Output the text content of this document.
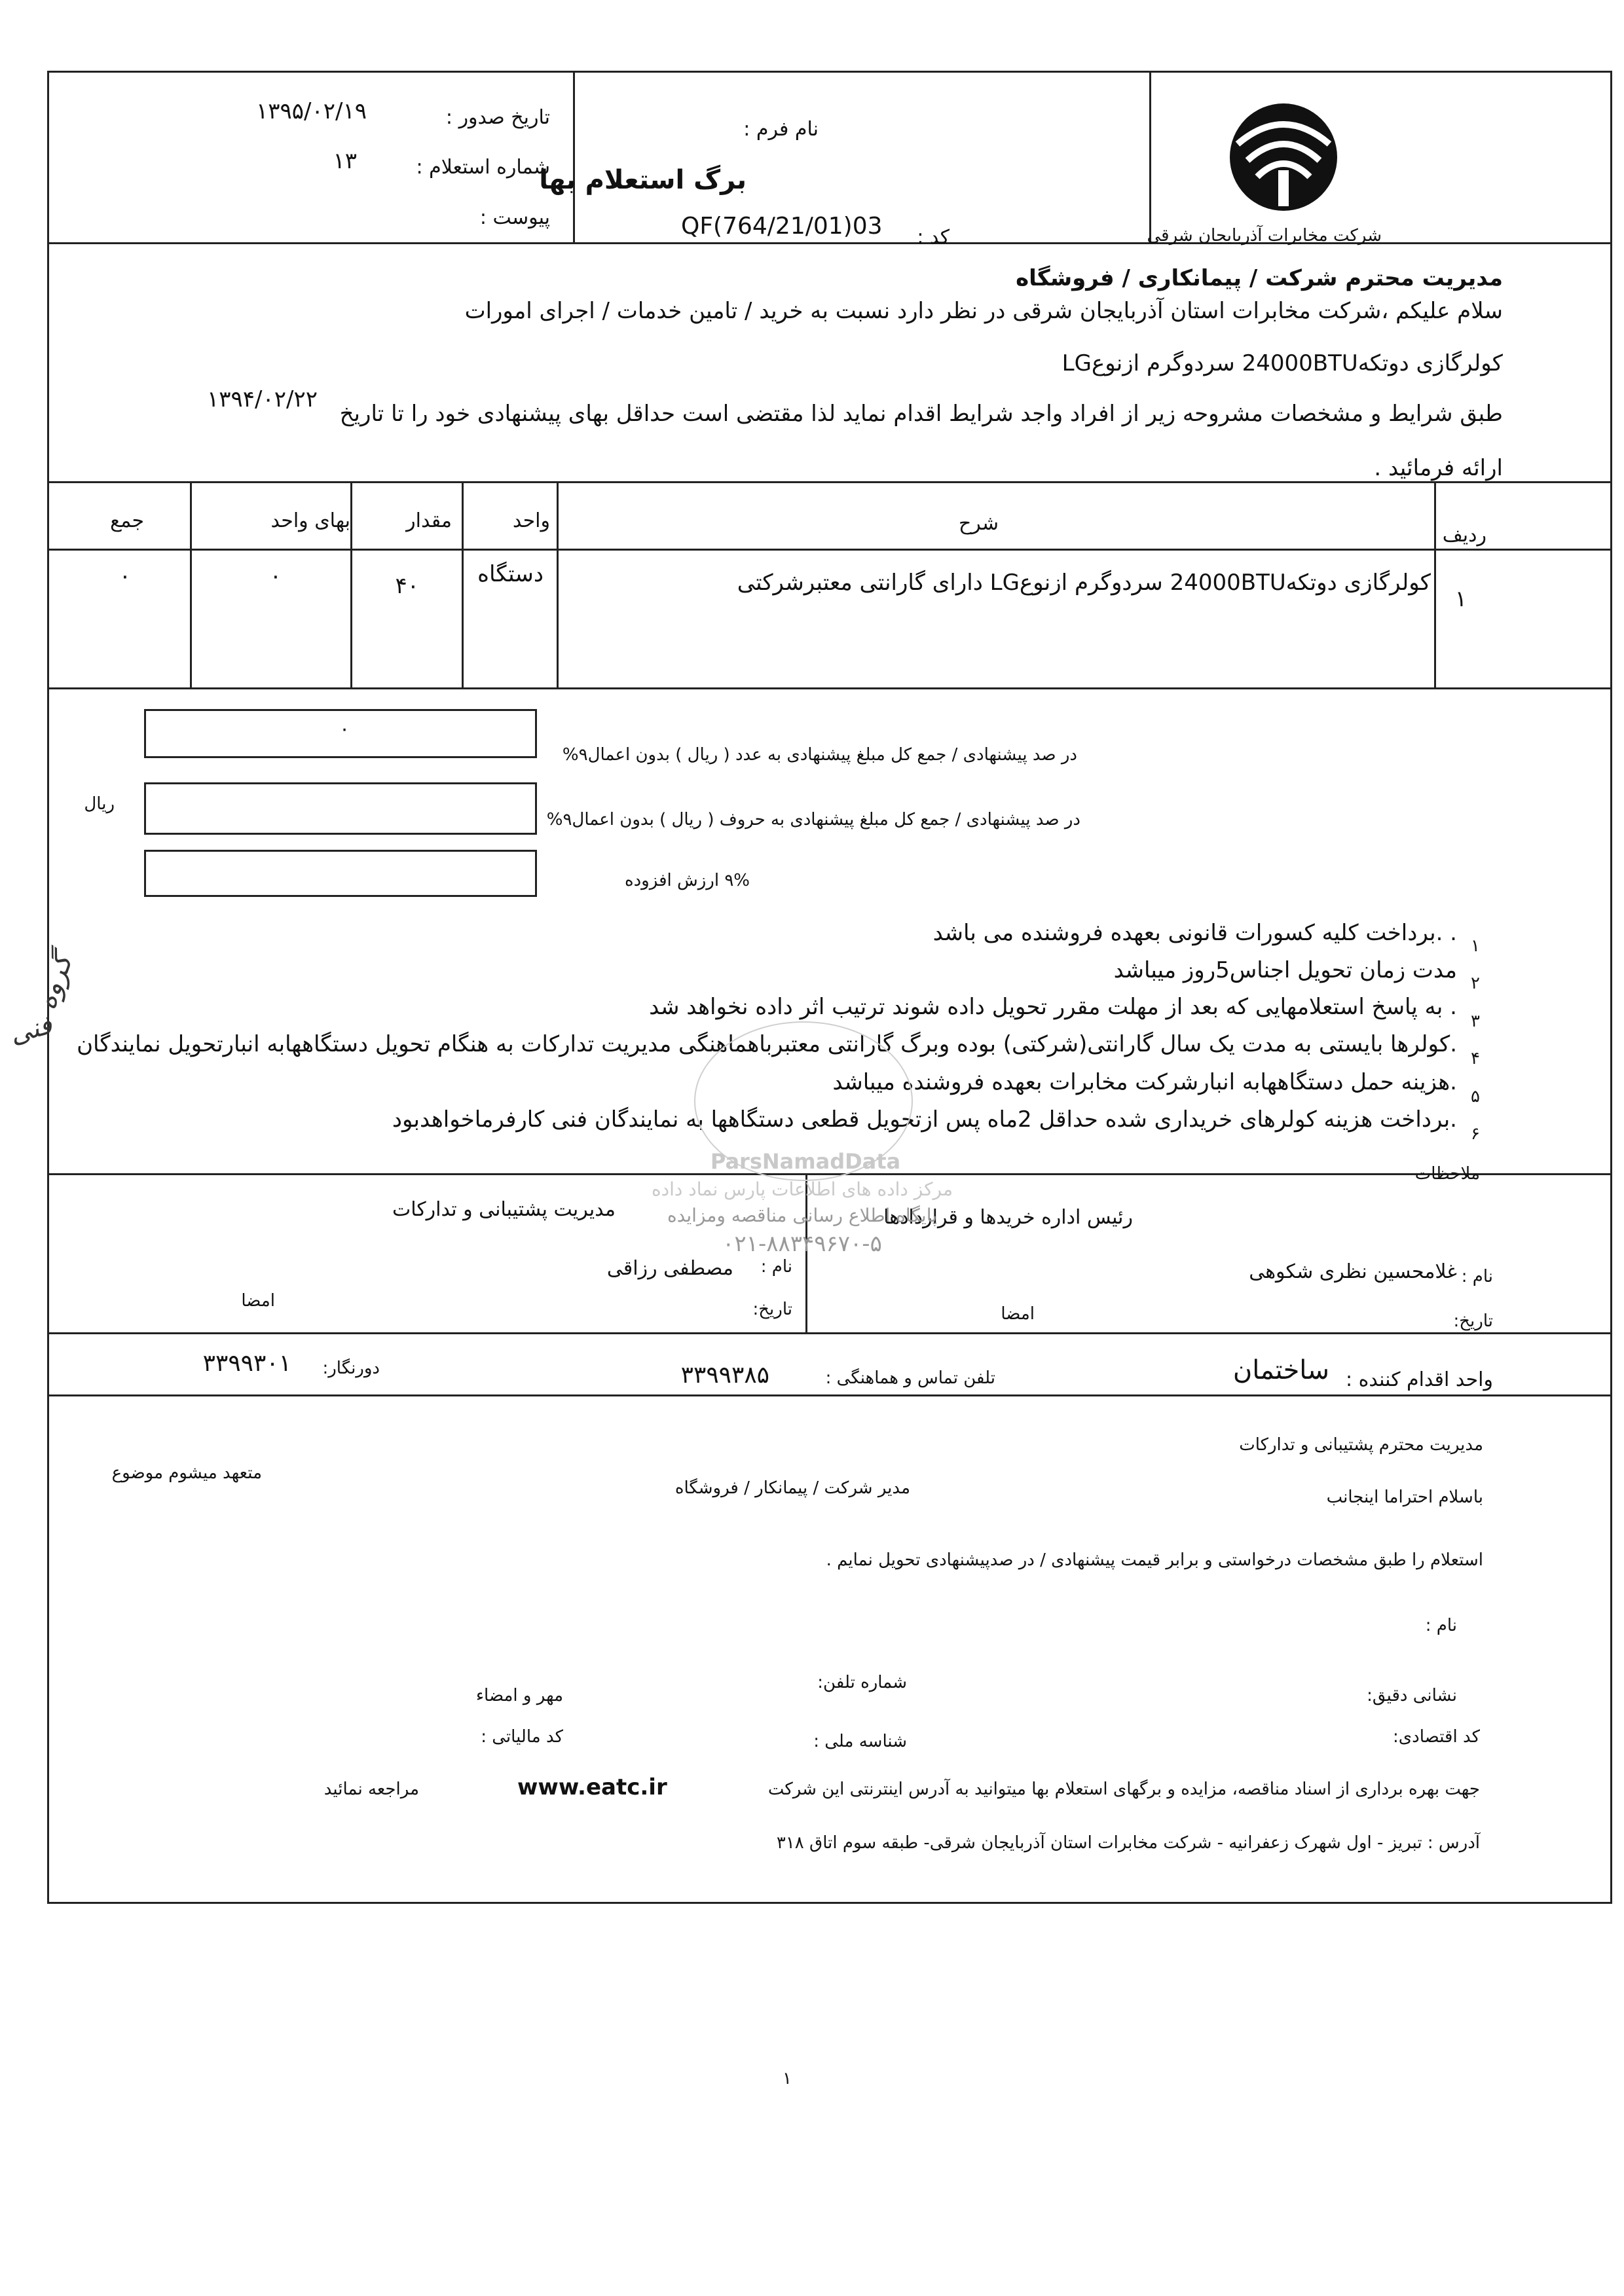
شرکت مخابرات آذربایجان شرقی
نام فرم :
برگ استعلام بها
کد :
QF(764/21/01)03
تاریخ صدور :
۱۳۹۵/۰۲/۱۹
شماره استعلام :
۱۳
پیوست :
مدیریت محترم شرکت / پیمانکاری / فروشگاه
سلام علیکم ،شرکت مخابرات استان آذربایجان شرقی در نظر دارد نسبت به خرید / تامین خدمات / اجرای امورات
کولرگازی دوتکه24000BTU سردوگرم ازنوعLG
طبق شرایط و مشخصات مشروحه زیر از افراد واجد شرایط اقدام نماید لذا مقتضی است حداقل بهای پیشنهادی خود را تا تاریخ
۱۳۹۴/۰۲/۲۲
ارائه فرمائید .
ردیف
شرح
واحد
مقدار
بهای واحد
جمع
۱
کولرگازی دوتکه24000BTU سردوگرم ازنوعLG دارای گارانتی معتبرشرکتی
دستگاه
۴۰
۰
۰
۰
در صد پیشنهادی / جمع کل مبلغ پیشنهادی به عدد ( ریال ) بدون اعمال۹%
ریال
در صد پیشنهادی / جمع کل مبلغ پیشنهادی به حروف ( ریال ) بدون اعمال۹%
۹% ارزش افزوده
۱
. .برداخت کلیه کسورات قانونی بعهده فروشنده می باشد
۲
مدت زمان تحویل اجناس5روز میباشد
۳
. به پاسخ استعلامهایی که بعد از مهلت مقرر تحویل داده شوند ترتیب اثر داده نخواهد شد
۴
.کولرها بایستی به مدت یک سال گارانتی(شرکتی) بوده وبرگ گارانتی معتبرباهماهنگی مدیریت تدارکات به هنگام تحویل دستگاههابه انبارتحویل نمایندگان
۵
.هزینه حمل دستگاههابه انبارشرکت مخابرات بعهده فروشنده میباشد
۶
.برداخت هزینه کولرهای خریداری شده حداقل 2ماه پس ازتحویل قطعی دستگاهها به نمایندگان فنی کارفرماخواهدبود
ملاحظات
رئیس اداره خریدها و قراردادها
مدیریت پشتیبانی و تدارکات
نام :
غلامحسین نظری شکوهی
نام :
مصطفی رزاقی
تاریخ:
تاریخ:	امضا
امضا
واحد اقدام کننده :
ساختمان
تلفن تماس و هماهنگی :
۳۳۹۹۳۸۵
دورنگار:
۳۳۹۹۳۰۱
مدیریت محترم پشتیبانی و تدارکات
باسلام احتراما اینجانب
مدیر شرکت / پیمانکار / فروشگاه
متعهد میشوم موضوع
استعلام را طبق مشخصات درخواستی و برابر قیمت پیشنهادی / در صدپیشنهادی تحویل نمایم .
نام :
شماره تلفن:
نشانی دقیق:
مهر و امضاء
کد اقتصادی:
شناسه ملی :
کد مالیاتی :
جهت بهره برداری از اسناد مناقصه، مزایده و برگهای استعلام بها میتوانید به آدرس اینترنتی این شرکت
www.eatc.ir
مراجعه نمائید
آدرس : تبریز - اول شهرک زعفرانیه - شرکت مخابرات استان آذربایجان شرقی- طبقه سوم اتاق ۳۱۸
۱
ParsNamadData
مرکز داده های اطلاعات پارس نماد داده
پایگاه اطلاع رسانی مناقصه ومزایده
۰۲۱-۸۸۳۴۹۶۷۰-۵
گروه
فنی
